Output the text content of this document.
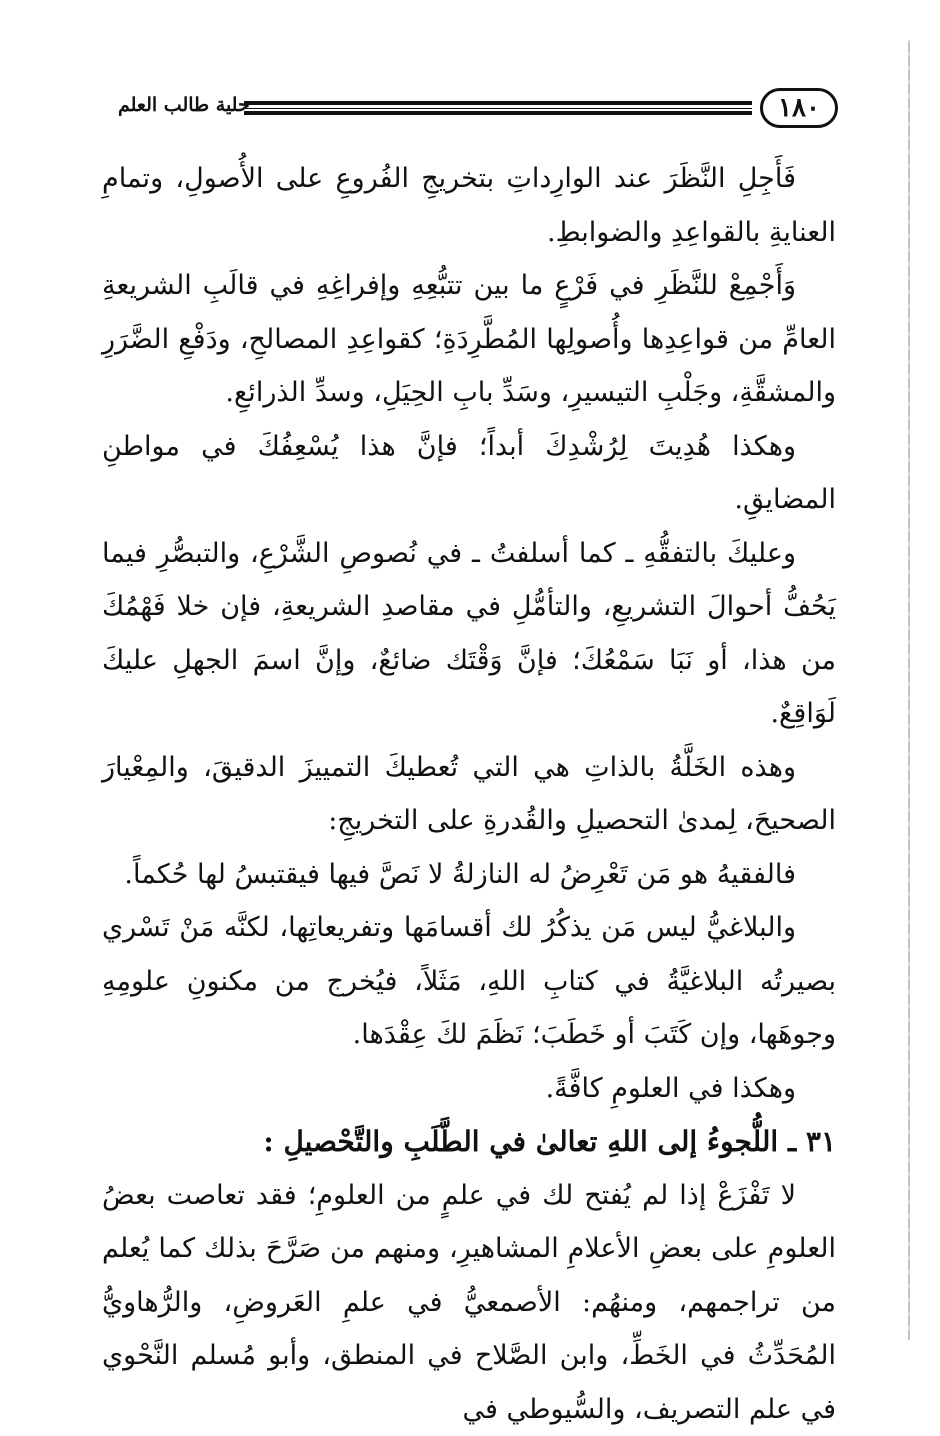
١٨٠
حلية طالب العلم

فَأَجِلِ النَّظَرَ عند الوارِداتِ بتخريجِ الفُروعِ على الأُصولِ، وتمامِ العنايةِ بالقواعِدِ والضوابطِ.

وَأَجْمِعْ للنَّظَرِ في فَرْعٍ ما بين تتبُّعِهِ وإفراغِهِ في قالَبِ الشريعةِ العامِّ من قواعِدِها وأُصولِها المُطَّرِدَةِ؛ كقواعِدِ المصالحِ، ودَفْعِ الضَّرَرِ والمشقَّةِ، وجَلْبِ التيسيرِ، وسَدِّ بابِ الحِيَلِ، وسدِّ الذرائعِ.

وهكذا هُدِيتَ لِرُشْدِكَ أبداً؛ فإنَّ هذا يُسْعِفُكَ في مواطنِ المضايقِ.

وعليكَ بالتفقُّهِ ـ كما أسلفتُ ـ في نُصوصِ الشَّرْعِ، والتبصُّرِ فيما يَحُفُّ أحوالَ التشريعِ، والتأمُّلِ في مقاصدِ الشريعةِ، فإن خلا فَهْمُكَ من هذا، أو نَبَا سَمْعُكَ؛ فإنَّ وَقْتَك ضائعٌ، وإنَّ اسمَ الجهلِ عليكَ لَوَاقِعٌ.

وهذه الخَلَّةُ بالذاتِ هي التي تُعطيكَ التمييزَ الدقيقَ، والمِعْيارَ الصحيحَ، لِمدىٰ التحصيلِ والقُدرةِ على التخريجِ:

فالفقيهُ هو مَن تَعْرِضُ له النازلةُ لا نَصَّ فيها فيقتبسُ لها حُكماً.

والبلاغيُّ ليس مَن يذكُرُ لك أقسامَها وتفريعاتِها، لكنَّه مَنْ تَسْري بصيرتُه البلاغيَّةُ في كتابِ اللهِ، مَثَلاً، فيُخرج من مكنونِ علومِهِ وجوهَها، وإن كَتَبَ أو خَطَبَ؛ نَظَمَ لكَ عِقْدَها.

وهكذا في العلومِ كافَّةً.

٣١ ـ اللُّجوءُ إلى اللهِ تعالىٰ في الطَّلَبِ والتَّحْصيلِ :

لا تَفْزَعْ إذا لم يُفتح لك في علمٍ من العلومِ؛ فقد تعاصت بعضُ العلومِ على بعضِ الأعلامِ المشاهيرِ، ومنهم من صَرَّحَ بذلك كما يُعلم من تراجمهم، ومنهُم: الأصمعيُّ في علمِ العَروضِ، والرُّهاويُّ المُحَدِّثُ في الخَطِّ، وابن الصَّلاح في المنطق، وأبو مُسلم النَّحْوي في علم التصريف، والسُّيوطي في
